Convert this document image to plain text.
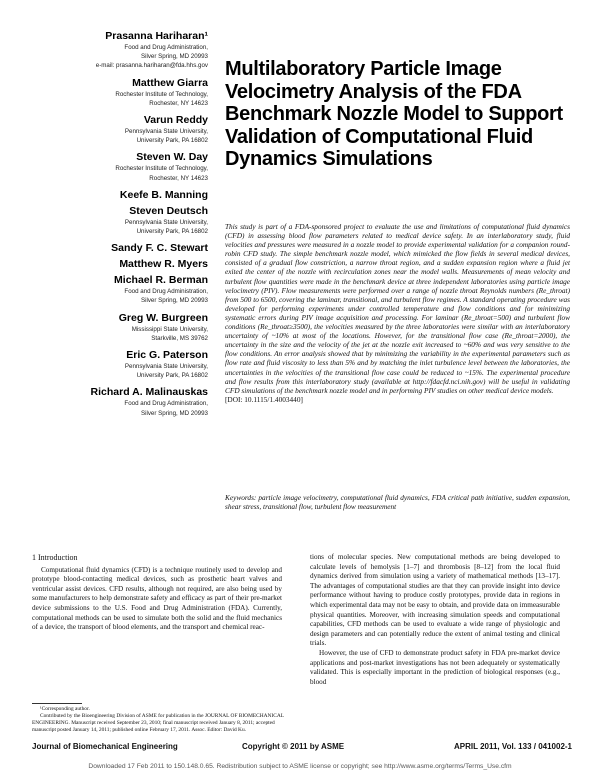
Prasanna Hariharan¹
Food and Drug Administration,
Silver Spring, MD 20993
e-mail: prasanna.hariharan@fda.hhs.gov
Matthew Giarra
Rochester Institute of Technology,
Rochester, NY 14623
Varun Reddy
Pennsylvania State University,
University Park, PA 16802
Steven W. Day
Rochester Institute of Technology,
Rochester, NY 14623
Keefe B. Manning
Steven Deutsch
Pennsylvania State University,
University Park, PA 16802
Sandy F. C. Stewart
Matthew R. Myers
Michael R. Berman
Food and Drug Administration,
Silver Spring, MD 20993
Greg W. Burgreen
Mississippi State University,
Starkville, MS 39762
Eric G. Paterson
Pennsylvania State University,
University Park, PA 16802
Richard A. Malinauskas
Food and Drug Administration,
Silver Spring, MD 20993
Multilaboratory Particle Image Velocimetry Analysis of the FDA Benchmark Nozzle Model to Support Validation of Computational Fluid Dynamics Simulations
This study is part of a FDA-sponsored project to evaluate the use and limitations of computational fluid dynamics (CFD) in assessing blood flow parameters related to medical device safety. In an interlaboratory study, fluid velocities and pressures were measured in a nozzle model to provide experimental validation for a companion round-robin CFD study. The simple benchmark nozzle model, which mimicked the flow fields in several medical devices, consisted of a gradual flow constriction, a narrow throat region, and a sudden expansion region where a fluid jet exited the center of the nozzle with recirculation zones near the model walls. Measurements of mean velocity and turbulent flow quantities were made in the benchmark device at three independent laboratories using particle image velocimetry (PIV). Flow measurements were performed over a range of nozzle throat Reynolds numbers (Re_throat) from 500 to 6500, covering the laminar, transitional, and turbulent flow regimes. A standard operating procedure was developed for performing experiments under controlled temperature and flow conditions and for minimizing systematic errors during PIV image acquisition and processing. For laminar (Re_throat=500) and turbulent flow conditions (Re_throat≥3500), the velocities measured by the three laboratories were similar with an interlaboratory uncertainty of ~10% at most of the locations. However, for the transitional flow case (Re_throat=2000), the uncertainty in the size and the velocity of the jet at the nozzle exit increased to ~60% and was very sensitive to the flow conditions. An error analysis showed that by minimizing the variability in the experimental parameters such as flow rate and fluid viscosity to less than 5% and by matching the inlet turbulence level between the laboratories, the uncertainties in the velocities of the transitional flow case could be reduced to ~15%. The experimental procedure and flow results from this interlaboratory study (available at http://fdacfd.nci.nih.gov) will be useful in validating CFD simulations of the benchmark nozzle model and in performing PIV studies on other medical device models.
[DOI: 10.1115/1.4003440]
Keywords: particle image velocimetry, computational fluid dynamics, FDA critical path initiative, sudden expansion, shear stress, transitional flow, turbulent flow measurement
1 Introduction

Computational fluid dynamics (CFD) is a technique routinely used to develop and prototype blood-contacting medical devices, such as prosthetic heart valves and ventricular assist devices. CFD results, although not required, are also being used by some manufacturers to help demonstrate safety and efficacy as part of their pre-market device submissions to the U.S. Food and Drug Administration (FDA). Currently, computational methods can be used to simulate both the solid and the fluid mechanics of a device, the transport of blood elements, and the transport and chemical reac-

tions of molecular species. New computational methods are being developed to calculate levels of hemolysis [1–7] and thrombosis [8–12] from the local fluid dynamics derived from simulation using a variety of mathematical methods [13–17]. The advantages of computational studies are that they can provide insight into device performance without having to produce costly prototypes, provide data in regions in which experimental data may not be easy to obtain, and provide data on immeasurable physical quantities. Moreover, with increasing simulation speeds and computational capabilities, CFD methods can be used to evaluate a wide range of physiologic and design parameters and can potentially reduce the extent of animal testing and clinical trials.

However, the use of CFD to demonstrate product safety in FDA pre-market device applications and post-market investigations has not been adequately or systematically validated. This is especially important in the prediction of biological responses (e.g., blood

¹Corresponding author.

Contributed by the Bioengineering Division of ASME for publication in the JOURNAL OF BIOMECHANICAL ENGINEERING. Manuscript received September 23, 2010; final manuscript received January 8, 2011; accepted manuscript posted January 14, 2011; published online February 17, 2011. Assoc. Editor: David Ku.

Journal of Biomechanical Engineering	Copyright © 2011 by ASME	APRIL 2011, Vol. 133 / 041002-1
Downloaded 17 Feb 2011 to 150.148.0.65. Redistribution subject to ASME license or copyright; see http://www.asme.org/terms/Terms_Use.cfm
